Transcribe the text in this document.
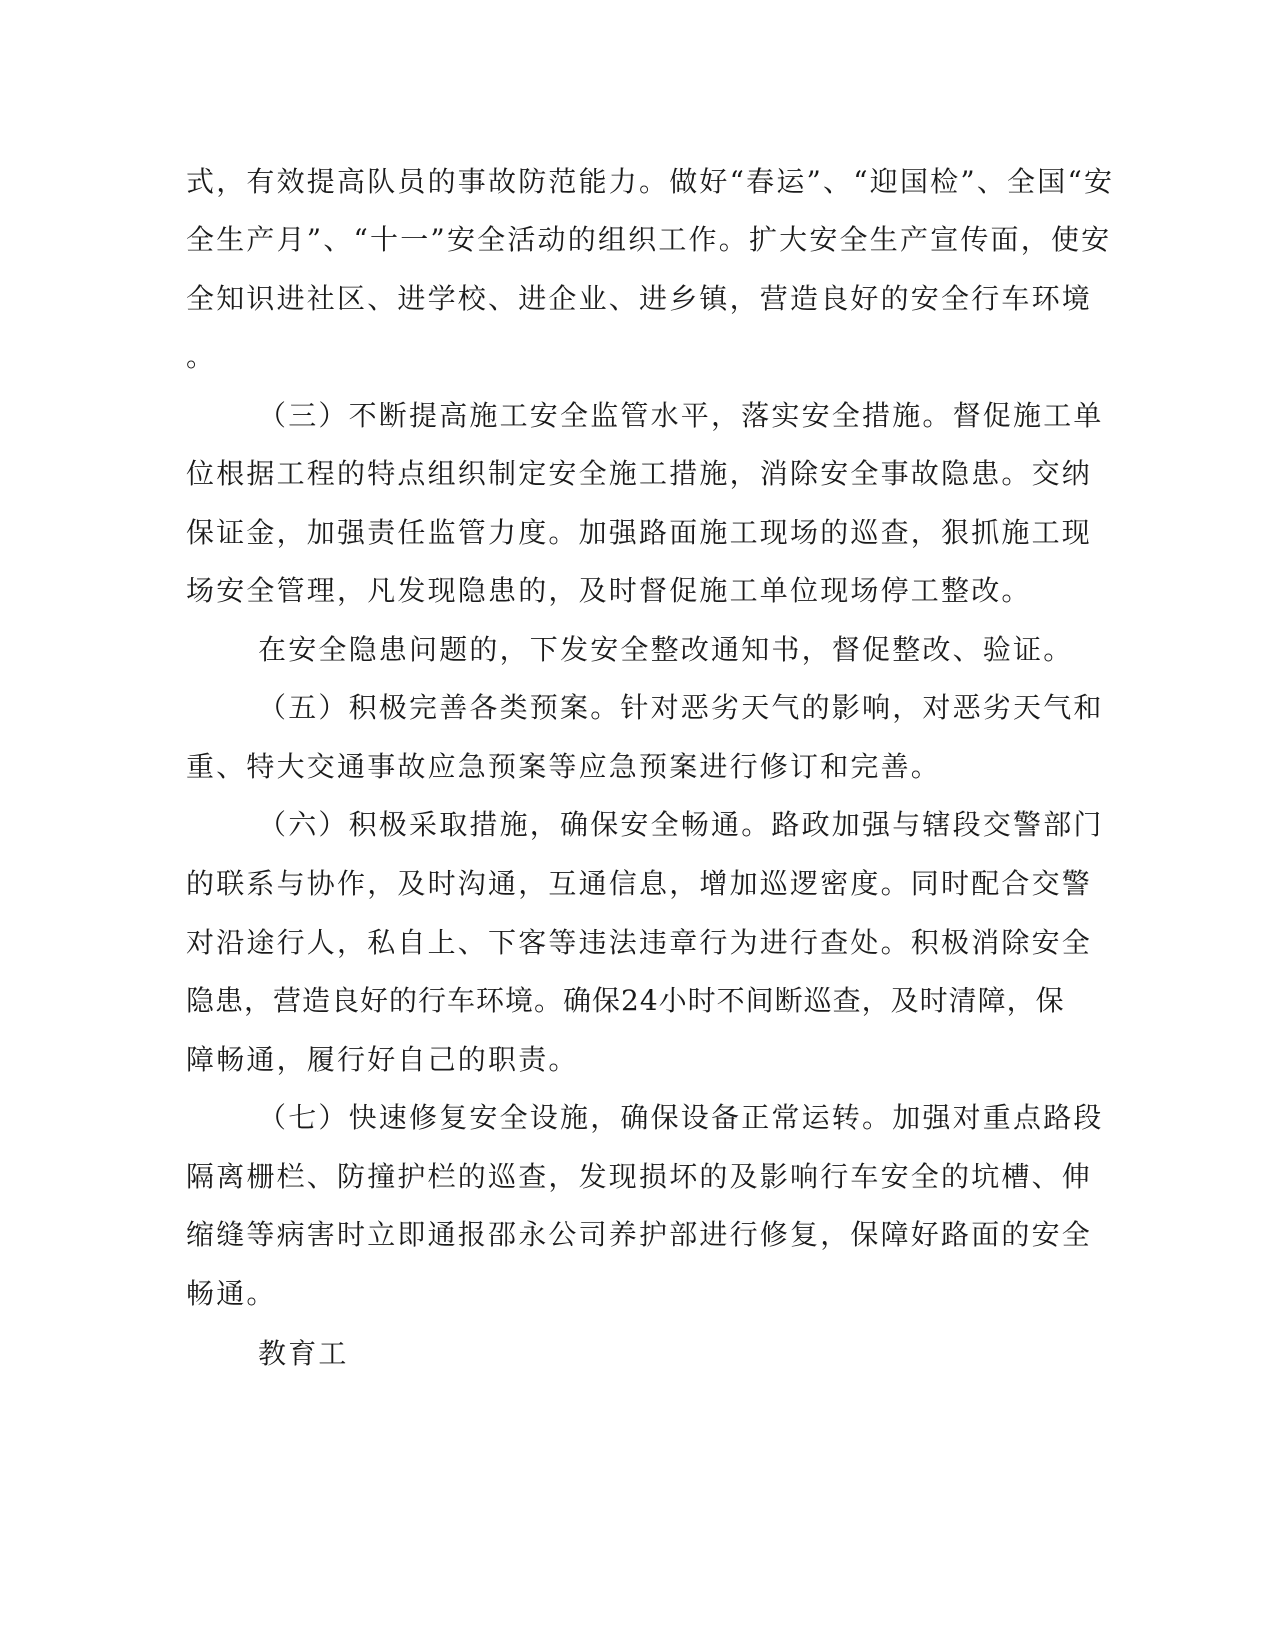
式，有效提高队员的事故防范能力。做好“春运”、“迎国检”、全国“安
全生产月”、“十一”安全活动的组织工作。扩大安全生产宣传面，使安
全知识进社区、进学校、进企业、进乡镇，营造良好的安全行车环境
。
（三）不断提高施工安全监管水平，落实安全措施。督促施工单
位根据工程的特点组织制定安全施工措施，消除安全事故隐患。交纳
保证金，加强责任监管力度。加强路面施工现场的巡查，狠抓施工现
场安全管理，凡发现隐患的，及时督促施工单位现场停工整改。
在安全隐患问题的，下发安全整改通知书，督促整改、验证。
（五）积极完善各类预案。针对恶劣天气的影响，对恶劣天气和
重、特大交通事故应急预案等应急预案进行修订和完善。
（六）积极采取措施，确保安全畅通。路政加强与辖段交警部门
的联系与协作，及时沟通，互通信息，增加巡逻密度。同时配合交警
对沿途行人，私自上、下客等违法违章行为进行查处。积极消除安全
隐患，营造良好的行车环境。确保24小时不间断巡查，及时清障，保
障畅通，履行好自己的职责。
（七）快速修复安全设施，确保设备正常运转。加强对重点路段
隔离栅栏、防撞护栏的巡查，发现损坏的及影响行车安全的坑槽、伸
缩缝等病害时立即通报邵永公司养护部进行修复，保障好路面的安全
畅通。
教育工
